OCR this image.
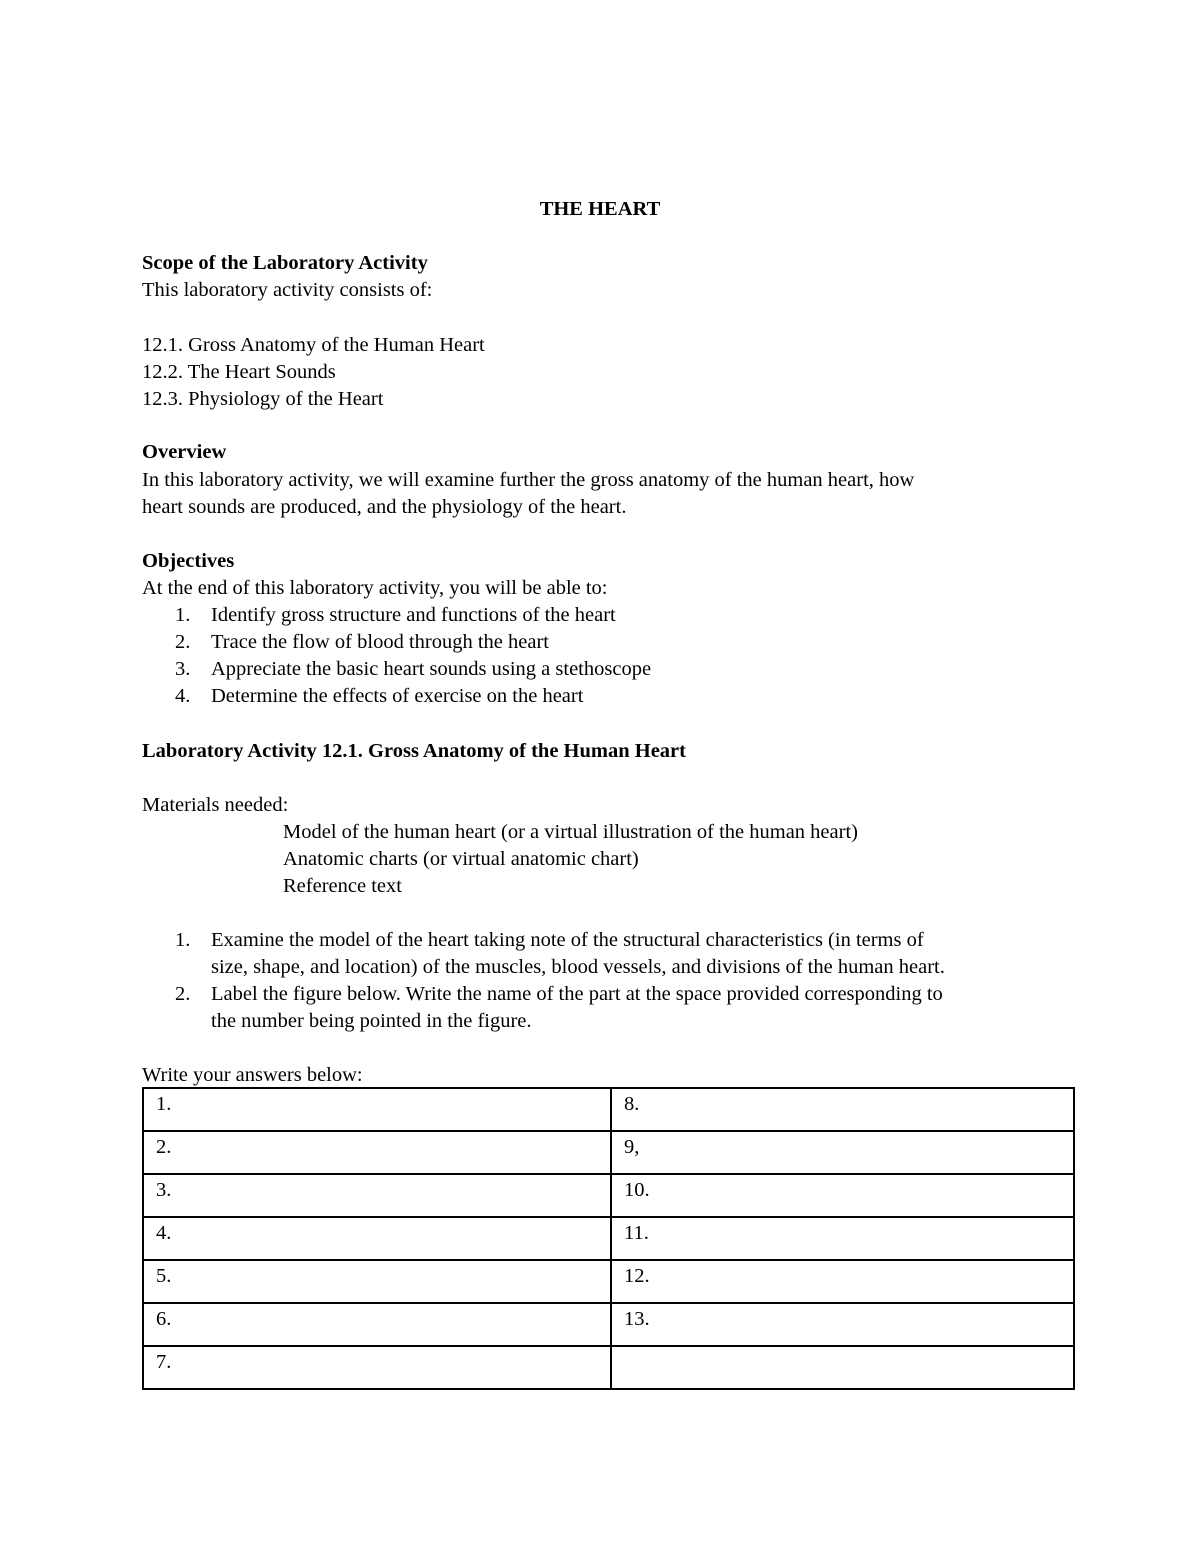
THE HEART
Scope of the Laboratory Activity
This laboratory activity consists of:
12.1. Gross Anatomy of the Human Heart
12.2. The Heart Sounds
12.3. Physiology of the Heart
Overview
In this laboratory activity, we will examine further the gross anatomy of the human heart, how
heart sounds are produced, and the physiology of the heart.
Objectives
At the end of this laboratory activity, you will be able to:
1. Identify gross structure and functions of the heart
2. Trace the flow of blood through the heart
3. Appreciate the basic heart sounds using a stethoscope
4. Determine the effects of exercise on the heart
Laboratory Activity 12.1. Gross Anatomy of the Human Heart
Materials needed:
Model of the human heart (or a virtual illustration of the human heart)
Anatomic charts (or virtual anatomic chart)
Reference text
1. Examine the model of the heart taking note of the structural characteristics (in terms of
size, shape, and location) of the muscles, blood vessels, and divisions of the human heart.
2. Label the figure below. Write the name of the part at the space provided corresponding to
the number being pointed in the figure.
Write your answers below:
1.	8.
2.	9,
3.	10.
4.	11.
5.	12.
6.	13.
7.	
